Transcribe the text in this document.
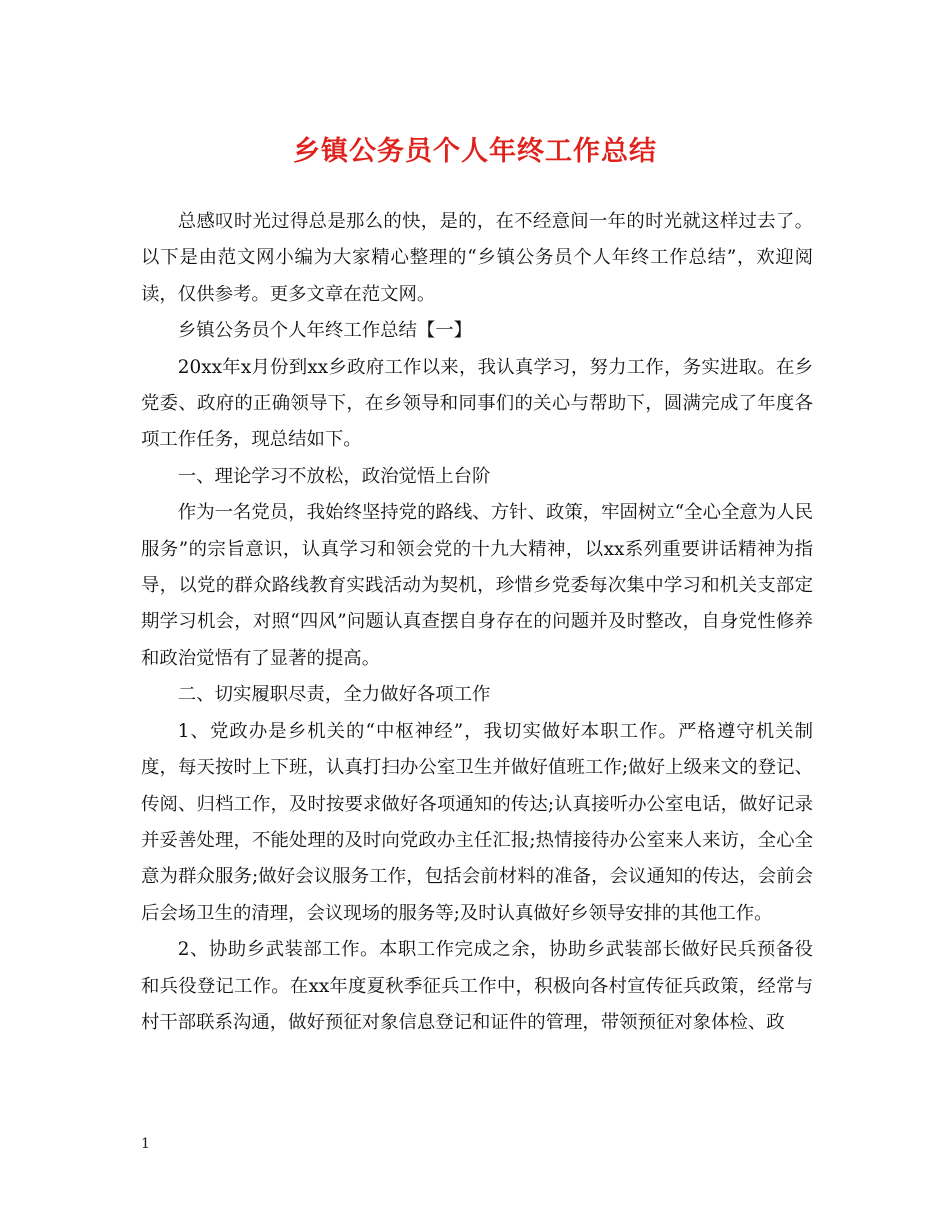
乡镇公务员个人年终工作总结

总感叹时光过得总是那么的快，是的，在不经意间一年的时光就这样过去了。以下是由范文网小编为大家精心整理的“乡镇公务员个人年终工作总结”，欢迎阅读，仅供参考。更多文章在范文网。

乡镇公务员个人年终工作总结【一】

20xx年x月份到xx乡政府工作以来，我认真学习，努力工作，务实进取。在乡党委、政府的正确领导下，在乡领导和同事们的关心与帮助下，圆满完成了年度各项工作任务，现总结如下。

一、理论学习不放松，政治觉悟上台阶

作为一名党员，我始终坚持党的路线、方针、政策，牢固树立“全心全意为人民服务”的宗旨意识，认真学习和领会党的十九大精神，以xx系列重要讲话精神为指导，以党的群众路线教育实践活动为契机，珍惜乡党委每次集中学习和机关支部定期学习机会，对照“四风”问题认真查摆自身存在的问题并及时整改，自身党性修养和政治觉悟有了显著的提高。

二、切实履职尽责，全力做好各项工作

1、党政办是乡机关的“中枢神经”，我切实做好本职工作。严格遵守机关制度，每天按时上下班，认真打扫办公室卫生并做好值班工作;做好上级来文的登记、传阅、归档工作，及时按要求做好各项通知的传达;认真接听办公室电话，做好记录并妥善处理，不能处理的及时向党政办主任汇报;热情接待办公室来人来访，全心全意为群众服务;做好会议服务工作，包括会前材料的准备，会议通知的传达，会前会后会场卫生的清理，会议现场的服务等;及时认真做好乡领导安排的其他工作。

2、协助乡武装部工作。本职工作完成之余，协助乡武装部长做好民兵预备役和兵役登记工作。在xx年度夏秋季征兵工作中，积极向各村宣传征兵政策，经常与村干部联系沟通，做好预征对象信息登记和证件的管理，带领预征对象体检、政

1
